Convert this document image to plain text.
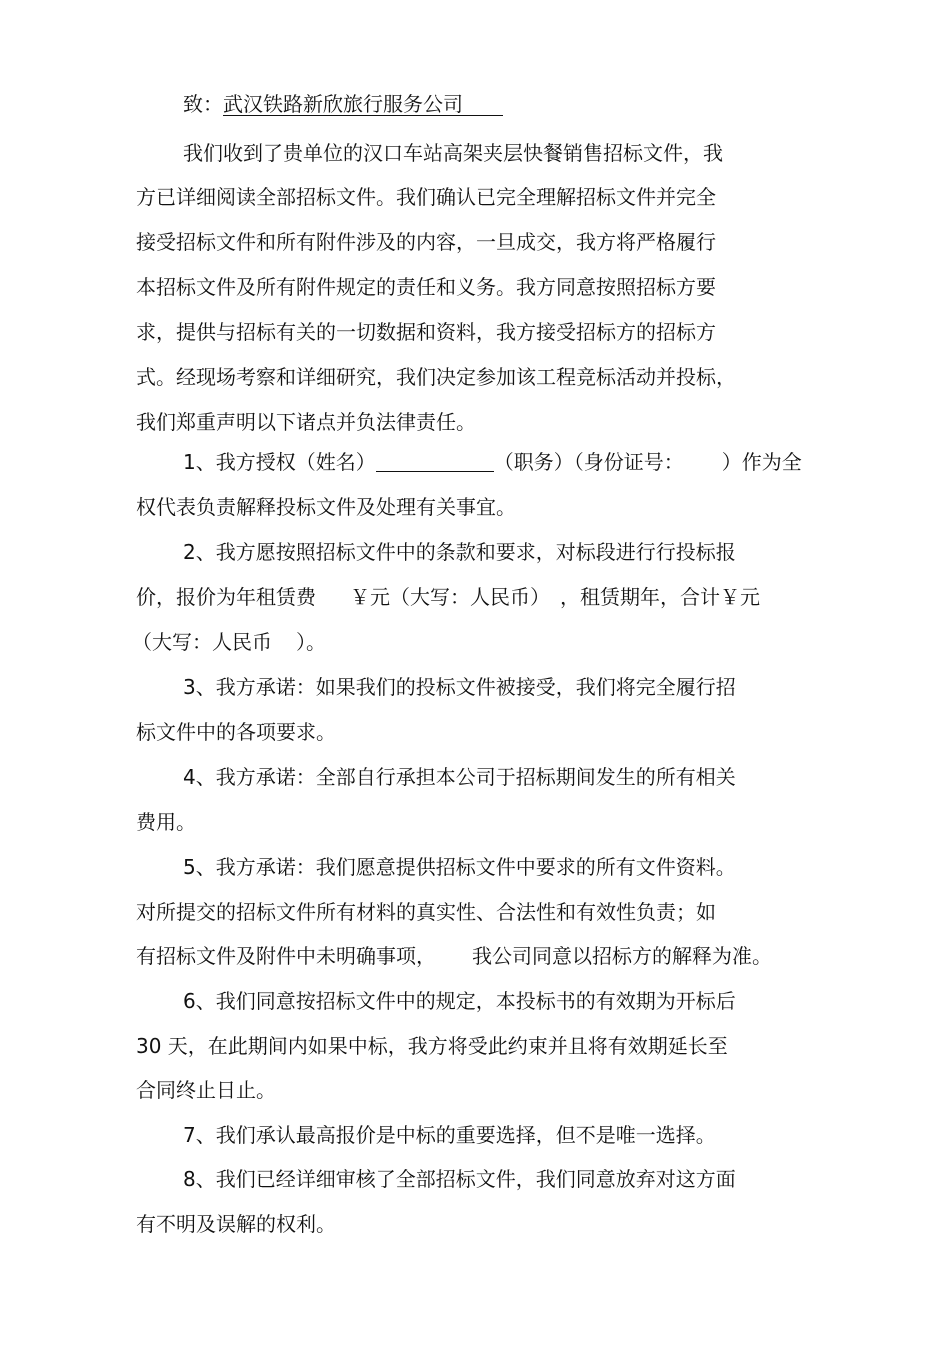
致：武汉铁路新欣旅行服务公司
我们收到了贵单位的汉口车站高架夹层快餐销售招标文件，我
方已详细阅读全部招标文件。我们确认已完全理解招标文件并完全
接受招标文件和所有附件涉及的内容，一旦成交，我方将严格履行
本招标文件及所有附件规定的责任和义务。我方同意按照招标方要
求，提供与招标有关的一切数据和资料，我方接受招标方的招标方
式。经现场考察和详细研究，我们决定参加该工程竞标活动并投标，
我们郑重声明以下诸点并负法律责任。
1、我方授权（姓名）	（职务）（身份证号： ）作为全
权代表负责解释投标文件及处理有关事宜。
2、我方愿按照招标文件中的条款和要求，对标段进行行投标报
价，报价为年租赁费 ￥元（大写：人民币） ，租赁期年，合计￥元
（大写：人民币 ）。
3、我方承诺：如果我们的投标文件被接受，我们将完全履行招
标文件中的各项要求。
4、我方承诺：全部自行承担本公司于招标期间发生的所有相关
费用。
5、我方承诺：我们愿意提供招标文件中要求的所有文件资料。
对所提交的招标文件所有材料的真实性、合法性和有效性负责；如
有招标文件及附件中未明确事项， 我公司同意以招标方的解释为准。
6、我们同意按招标文件中的规定，本投标书的有效期为开标后
30 天，在此期间内如果中标，我方将受此约束并且将有效期延长至
合同终止日止。
7、我们承认最高报价是中标的重要选择，但不是唯一选择。
8、我们已经详细审核了全部招标文件，我们同意放弃对这方面
有不明及误解的权利。
